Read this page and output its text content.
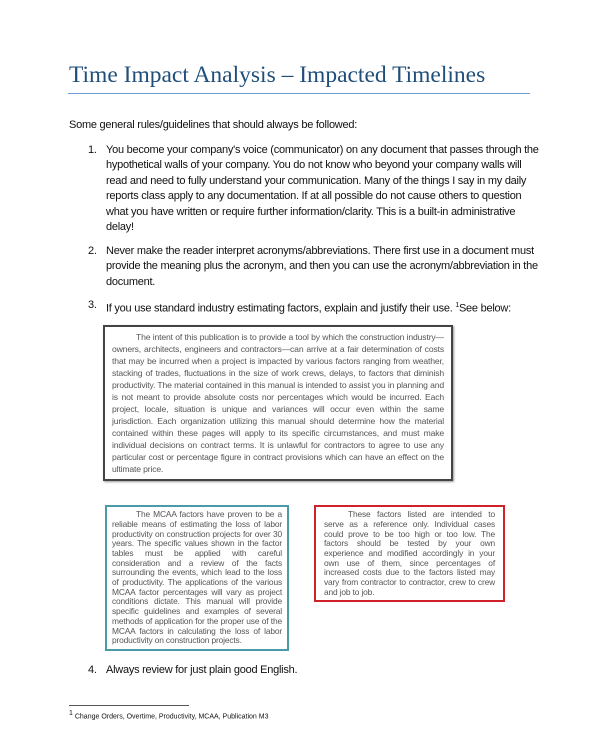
Time Impact Analysis – Impacted Timelines
Some general rules/guidelines that should always be followed:
1. You become your company's voice (communicator) on any document that passes through the hypothetical walls of your company. You do not know who beyond your company walls will read and need to fully understand your communication. Many of the things I say in my daily reports class apply to any documentation. If at all possible do not cause others to question what you have written or require further information/clarity. This is a built-in administrative delay!
2. Never make the reader interpret acronyms/abbreviations. There first use in a document must provide the meaning plus the acronym, and then you can use the acronym/abbreviation in the document.
3. If you use standard industry estimating factors, explain and justify their use. $^1$See below:
The intent of this publication is to provide a tool by which the construction industry—owners, architects, engineers and contractors—can arrive at a fair determination of costs that may be incurred when a project is impacted by various factors ranging from weather, stacking of trades, fluctuations in the size of work crews, delays, to factors that diminish productivity. The material contained in this manual is intended to assist you in planning and is not meant to provide absolute costs nor percentages which would be incurred. Each project, locale, situation is unique and variances will occur even within the same jurisdiction. Each organization utilizing this manual should determine how the material contained within these pages will apply to its specific circumstances, and must make individual decisions on contract terms. It is unlawful for contractors to agree to use any particular cost or percentage figure in contract provisions which can have an effect on the ultimate price.
The MCAA factors have proven to be a reliable means of estimating the loss of labor productivity on construction projects for over 30 years. The specific values shown in the factor tables must be applied with careful consideration and a review of the facts surrounding the events, which lead to the loss of productivity. The applications of the various MCAA factor percentages will vary as project conditions dictate. This manual will provide specific guidelines and examples of several methods of application for the proper use of the MCAA factors in calculating the loss of labor productivity on construction projects.
These factors listed are intended to serve as a reference only. Individual cases could prove to be too high or too low. The factors should be tested by your own experience and modified accordingly in your own use of them, since percentages of increased costs due to the factors listed may vary from contractor to contractor, crew to crew and job to job.
4. Always review for just plain good English.
$^1$ Change Orders, Overtime, Productivity, MCAA, Publication M3
